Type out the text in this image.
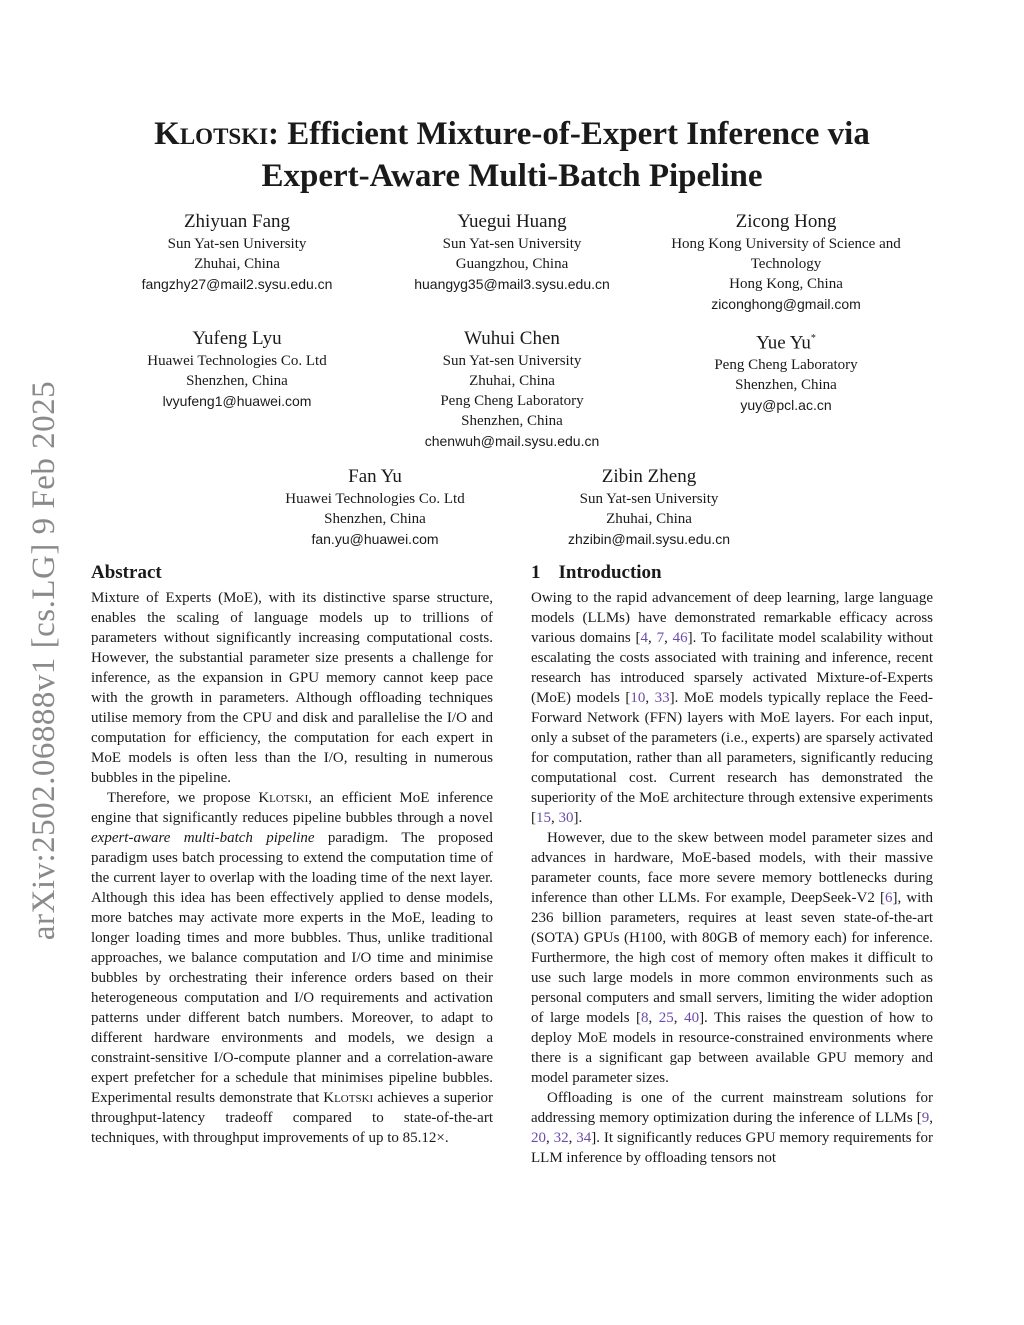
arXiv:2502.06888v1 [cs.LG] 9 Feb 2025
Klotski: Efficient Mixture-of-Expert Inference via
Expert-Aware Multi-Batch Pipeline
Zhiyuan Fang
Sun Yat-sen University
Zhuhai, China
fangzhy27@mail2.sysu.edu.cn
Yuegui Huang
Sun Yat-sen University
Guangzhou, China
huangyg35@mail3.sysu.edu.cn
Zicong Hong
Hong Kong University of Science and
Technology
Hong Kong, China
ziconghong@gmail.com
Yufeng Lyu
Huawei Technologies Co. Ltd
Shenzhen, China
lvyufeng1@huawei.com
Wuhui Chen
Sun Yat-sen University
Zhuhai, China
Peng Cheng Laboratory
Shenzhen, China
chenwuh@mail.sysu.edu.cn
Yue Yu*
Peng Cheng Laboratory
Shenzhen, China
yuy@pcl.ac.cn
Fan Yu
Huawei Technologies Co. Ltd
Shenzhen, China
fan.yu@huawei.com
Zibin Zheng
Sun Yat-sen University
Zhuhai, China
zhzibin@mail.sysu.edu.cn
Abstract

Mixture of Experts (MoE), with its distinctive sparse structure, enables the scaling of language models up to trillions of parameters without significantly increasing computational costs. However, the substantial parameter size presents a challenge for inference, as the expansion in GPU memory cannot keep pace with the growth in parameters. Although offloading techniques utilise memory from the CPU and disk and parallelise the I/O and computation for efficiency, the computation for each expert in MoE models is often less than the I/O, resulting in numerous bubbles in the pipeline.

Therefore, we propose Klotski, an efficient MoE inference engine that significantly reduces pipeline bubbles through a novel expert-aware multi-batch pipeline paradigm. The proposed paradigm uses batch processing to extend the computation time of the current layer to overlap with the loading time of the next layer. Although this idea has been effectively applied to dense models, more batches may activate more experts in the MoE, leading to longer loading times and more bubbles. Thus, unlike traditional approaches, we balance computation and I/O time and minimise bubbles by orchestrating their inference orders based on their heterogeneous computation and I/O requirements and activation patterns under different batch numbers. Moreover, to adapt to different hardware environments and models, we design a constraint-sensitive I/O-compute planner and a correlation-aware expert prefetcher for a schedule that minimises pipeline bubbles. Experimental results demonstrate that Klotski achieves a superior throughput-latency tradeoff compared to state-of-the-art techniques, with throughput improvements of up to 85.12×.

1 Introduction

Owing to the rapid advancement of deep learning, large language models (LLMs) have demonstrated remarkable efficacy across various domains [4, 7, 46]. To facilitate model scalability without escalating the costs associated with training and inference, recent research has introduced sparsely activated Mixture-of-Experts (MoE) models [10, 33]. MoE models typically replace the Feed-Forward Network (FFN) layers with MoE layers. For each input, only a subset of the parameters (i.e., experts) are sparsely activated for computation, rather than all parameters, significantly reducing computational cost. Current research has demonstrated the superiority of the MoE architecture through extensive experiments [15, 30].

However, due to the skew between model parameter sizes and advances in hardware, MoE-based models, with their massive parameter counts, face more severe memory bottlenecks during inference than other LLMs. For example, DeepSeek-V2 [6], with 236 billion parameters, requires at least seven state-of-the-art (SOTA) GPUs (H100, with 80GB of memory each) for inference. Furthermore, the high cost of memory often makes it difficult to use such large models in more common environments such as personal computers and small servers, limiting the wider adoption of large models [8, 25, 40]. This raises the question of how to deploy MoE models in resource-constrained environments where there is a significant gap between available GPU memory and model parameter sizes.

Offloading is one of the current mainstream solutions for addressing memory optimization during the inference of LLMs [9, 20, 32, 34]. It significantly reduces GPU memory requirements for LLM inference by offloading tensors not
